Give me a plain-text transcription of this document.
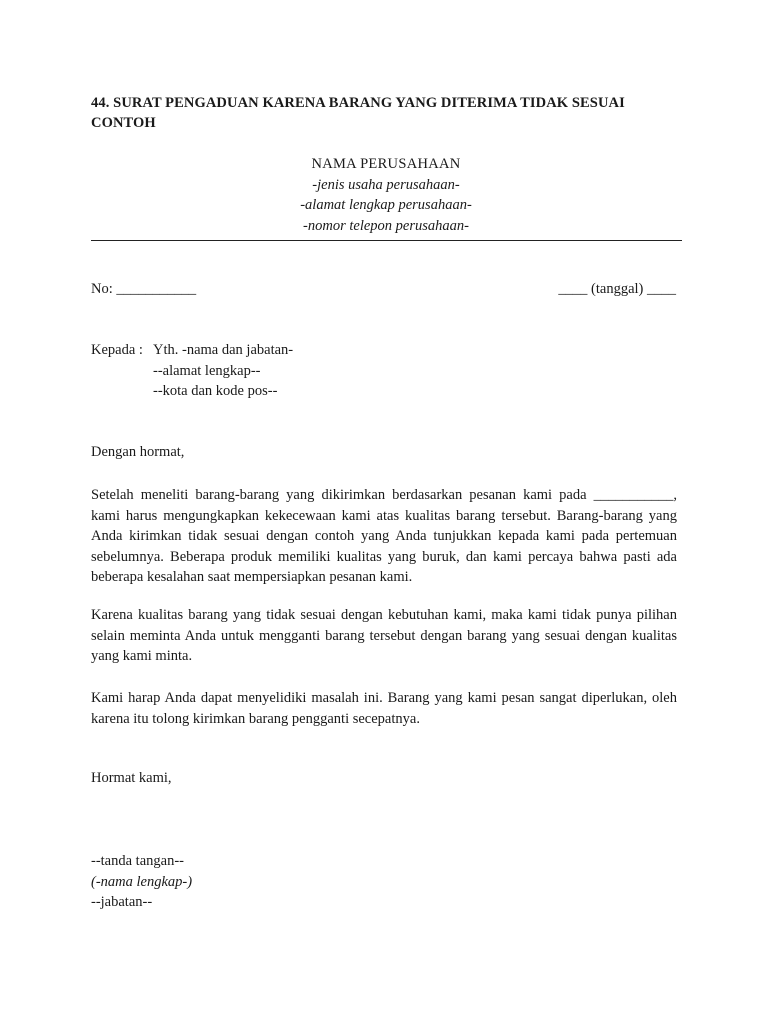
44. SURAT PENGADUAN KARENA BARANG YANG DITERIMA TIDAK SESUAI CONTOH
NAMA PERUSAHAAN
-jenis usaha perusahaan-
-alamat lengkap perusahaan-
-nomor telepon perusahaan-
No: ___________	____ (tanggal) ____
Kepada : Yth. -nama dan jabatan-
--alamat lengkap--
--kota dan kode pos--
Dengan hormat,
Setelah meneliti barang-barang yang dikirimkan berdasarkan pesanan kami pada ___________, kami harus mengungkapkan kekecewaan kami atas kualitas barang tersebut. Barang-barang yang Anda kirimkan tidak sesuai dengan contoh yang Anda tunjukkan kepada kami pada pertemuan sebelumnya. Beberapa produk memiliki kualitas yang buruk, dan kami percaya bahwa pasti ada beberapa kesalahan saat mempersiapkan pesanan kami.
Karena kualitas barang yang tidak sesuai dengan kebutuhan kami, maka kami tidak punya pilihan selain meminta Anda untuk mengganti barang tersebut dengan barang yang sesuai dengan kualitas yang kami minta.
Kami harap Anda dapat menyelidiki masalah ini. Barang yang kami pesan sangat diperlukan, oleh karena itu tolong kirimkan barang pengganti secepatnya.
Hormat kami,
--tanda tangan--
(-nama lengkap-)
--jabatan--
